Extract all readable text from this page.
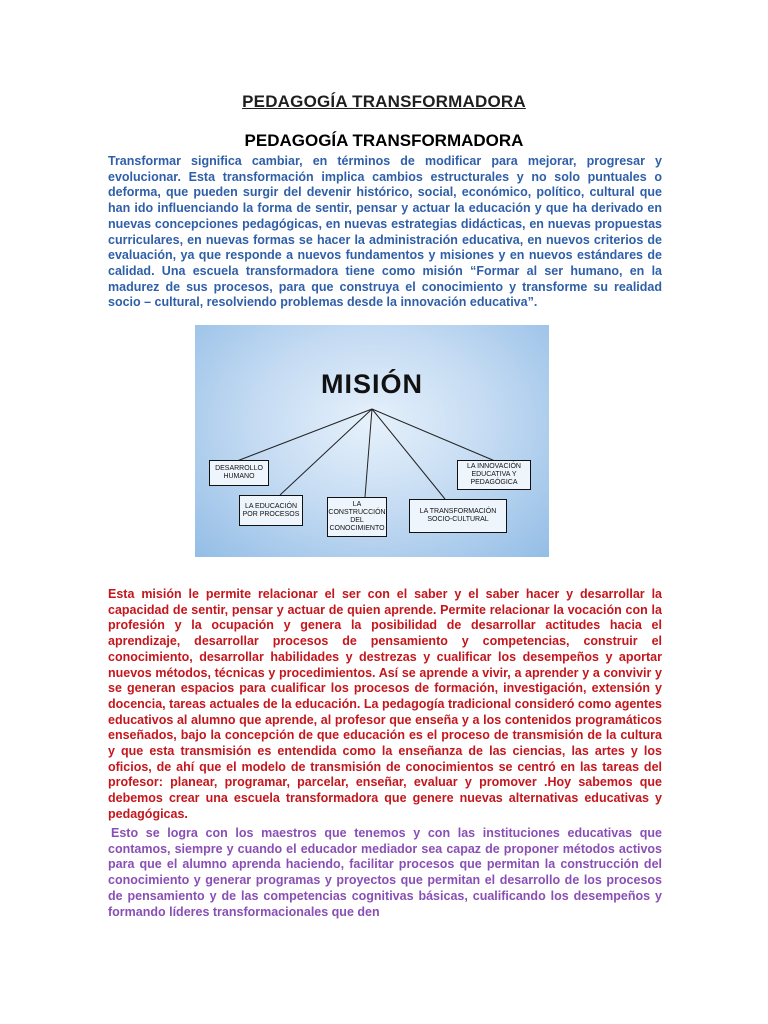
PEDAGOGÍA TRANSFORMADORA
PEDAGOGÍA TRANSFORMADORA

Transformar significa cambiar, en términos de modificar para mejorar, progresar y evolucionar. Esta transformación implica cambios estructurales y no solo puntuales o deforma, que pueden surgir del devenir histórico, social, económico, político, cultural que han ido influenciando la forma de sentir, pensar y actuar la educación y que ha derivado en nuevas concepciones pedagógicas, en nuevas estrategias didácticas, en nuevas propuestas curriculares, en nuevas formas se hacer la administración educativa, en nuevos criterios de evaluación, ya que responde a nuevos fundamentos y misiones y en nuevos estándares de calidad. Una escuela transformadora tiene como misión “Formar al ser humano, en la madurez de sus procesos, para que construya el conocimiento y transforme su realidad socio – cultural, resolviendo problemas desde la innovación educativa”.

MISIÓN
DESARROLLO HUMANO
LA EDUCACIÓN POR PROCESOS
LA CONSTRUCCIÓN DEL CONOCIMIENTO
LA TRANSFORMACIÓN SOCIO-CULTURAL
LA INNOVACIÓN EDUCATIVA Y PEDAGÓGICA

Esta misión le permite relacionar el ser con el saber y el saber hacer y desarrollar la capacidad de sentir, pensar y actuar de quien aprende. Permite relacionar la vocación con la profesión y la ocupación y genera la posibilidad de desarrollar actitudes hacia el aprendizaje, desarrollar procesos de pensamiento y competencias, construir el conocimiento, desarrollar habilidades y destrezas y cualificar los desempeños y aportar nuevos métodos, técnicas y procedimientos. Así se aprende a vivir, a aprender y a convivir y se generan espacios para cualificar los procesos de formación, investigación, extensión y docencia, tareas actuales de la educación. La pedagogía tradicional consideró como agentes educativos al alumno que aprende, al profesor que enseña y a los contenidos programáticos enseñados, bajo la concepción de que educación es el proceso de transmisión de la cultura y que esta transmisión es entendida como la enseñanza de las ciencias, las artes y los oficios, de ahí que el modelo de transmisión de conocimientos se centró en las tareas del profesor: planear, programar, parcelar, enseñar, evaluar y promover .Hoy sabemos que debemos crear una escuela transformadora que genere nuevas alternativas educativas y pedagógicas.

Esto se logra con los maestros que tenemos y con las instituciones educativas que contamos, siempre y cuando el educador mediador sea capaz de proponer métodos activos para que el alumno aprenda haciendo, facilitar procesos que permitan la construcción del conocimiento y generar programas y proyectos que permitan el desarrollo de los procesos de pensamiento y de las competencias cognitivas básicas, cualificando los desempeños y formando líderes transformacionales que den
